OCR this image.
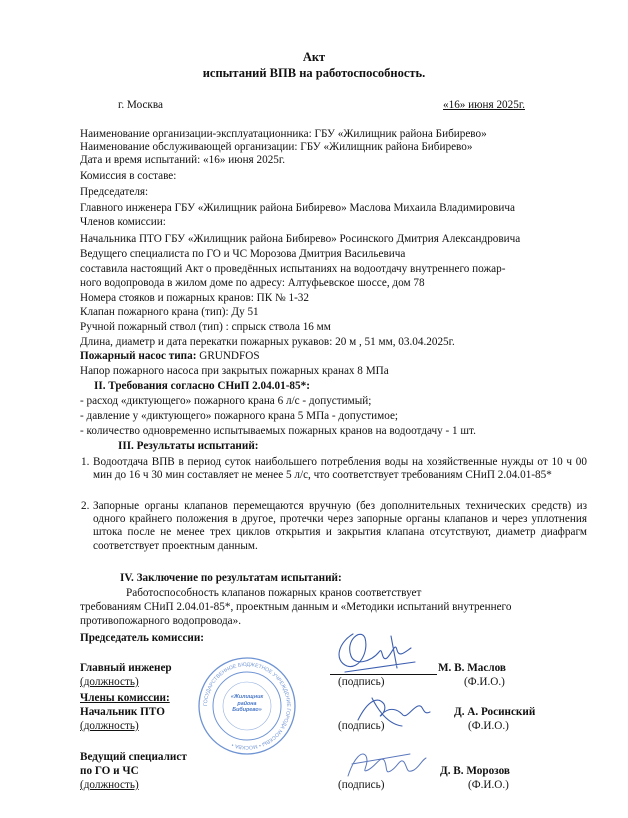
Акт
испытаний ВПВ на работоспособность.
г. Москва	«16» июня 2025г.
Наименование организации-эксплуатационника: ГБУ «Жилищник района Бибирево»
Наименование обслуживающей организации: ГБУ «Жилищник района Бибирево»
Дата и время испытаний: «16» июня 2025г.
Комиссия в составе:
Председателя:
Главного инженера ГБУ «Жилищник района Бибирево» Маслова Михаила Владимировича
Членов комиссии:
Начальника ПТО ГБУ «Жилищник района Бибирево» Росинского Дмитрия Александровича
Ведущего специалиста по ГО и ЧС Морозова Дмитрия Васильевича
составила настоящий Акт о проведённых испытаниях на водоотдачу внутреннего пожар-
ного водопровода в жилом доме по адресу: Алтуфьевское шоссе, дом 78
Номера стояков и пожарных кранов: ПК № 1-32
Клапан пожарного крана (тип): Ду 51
Ручной пожарный ствол (тип) : спрыск ствола 16 мм
Длина, диаметр и дата перекатки пожарных рукавов: 20 м , 51 мм, 03.04.2025г.
Пожарный насос типа: GRUNDFOS
Напор пожарного насоса при закрытых пожарных кранах 8 МПа
II. Требования согласно СНиП 2.04.01-85*:
- расход «диктующего» пожарного крана 6 л/с - допустимый;
- давление у «диктующего» пожарного крана 5 МПа - допустимое;
- количество одновременно испытываемых пожарных кранов на водоотдачу - 1 шт.
III. Результаты испытаний:
1. Водоотдача ВПВ в период суток наибольшего потребления воды на хозяйственные нужды от 10 ч 00 мин до 16 ч 30 мин составляет не менее 5 л/с, что соответствует требованиям СНиП 2.04.01-85*
2. Запорные органы клапанов перемещаются вручную (без дополнительных технических средств) из одного крайнего положения в другое, протечки через запорные органы клапанов и через уплотнения штока после не менее трех циклов открытия и закрытия клапана отсутствуют, диаметр диафрагм соответствует проектным данным.
IV. Заключение по результатам испытаний:
Работоспособность клапанов пожарных кранов соответствует
требованиям СНиП 2.04.01-85*, проектным данным и «Методики испытаний внутреннего
противопожарного водопровода».
Председатель комиссии:
Главный инженер	М. В. Маслов
(должность)	(подпись)	(Ф.И.О.)
Члены комиссии:
Начальник ПТО	Д. А. Росинский
(должность)	(подпись)	(Ф.И.О.)
Ведущий специалист
по ГО и ЧС	Д. В. Морозов
(должность)	(подпись)	(Ф.И.О.)
ГОСУДАРСТВЕННОЕ БЮДЖЕТНОЕ УЧРЕЖДЕНИЕ ГОРОДА МОСКВЫ • МОСКВА •
«Жилищник района Бибирево»
